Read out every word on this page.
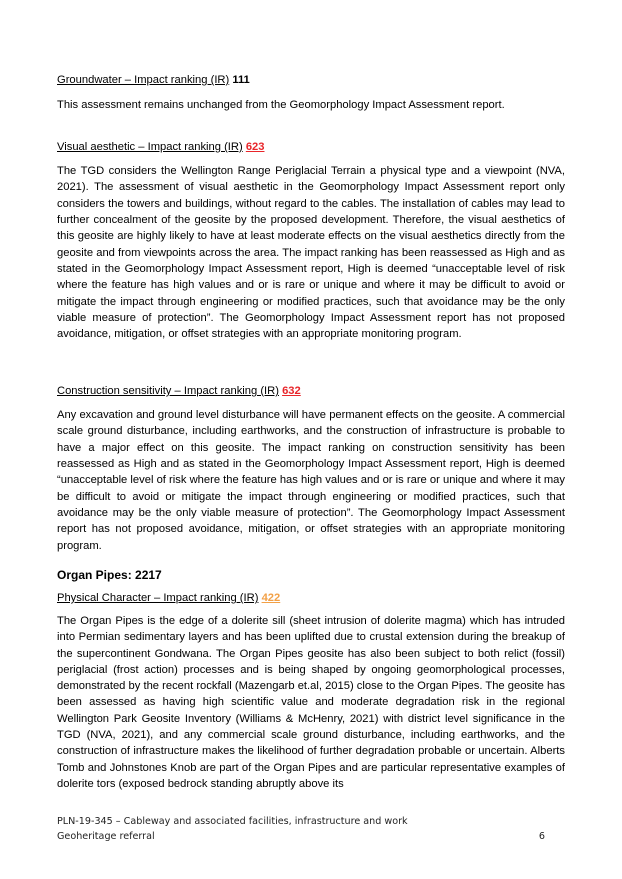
Groundwater – Impact ranking (IR) 111
This assessment remains unchanged from the Geomorphology Impact Assessment report.
Visual aesthetic – Impact ranking (IR) 623
The TGD considers the Wellington Range Periglacial Terrain a physical type and a viewpoint (NVA, 2021). The assessment of visual aesthetic in the Geomorphology Impact Assessment report only considers the towers and buildings, without regard to the cables. The installation of cables may lead to further concealment of the geosite by the proposed development. Therefore, the visual aesthetics of this geosite are highly likely to have at least moderate effects on the visual aesthetics directly from the geosite and from viewpoints across the area. The impact ranking has been reassessed as High and as stated in the Geomorphology Impact Assessment report, High is deemed “unacceptable level of risk where the feature has high values and or is rare or unique and where it may be difficult to avoid or mitigate the impact through engineering or modified practices, such that avoidance may be the only viable measure of protection”. The Geomorphology Impact Assessment report has not proposed avoidance, mitigation, or offset strategies with an appropriate monitoring program.
Construction sensitivity – Impact ranking (IR) 632
Any excavation and ground level disturbance will have permanent effects on the geosite. A commercial scale ground disturbance, including earthworks, and the construction of infrastructure is probable to have a major effect on this geosite. The impact ranking on construction sensitivity has been reassessed as High and as stated in the Geomorphology Impact Assessment report, High is deemed “unacceptable level of risk where the feature has high values and or is rare or unique and where it may be difficult to avoid or mitigate the impact through engineering or modified practices, such that avoidance may be the only viable measure of protection”. The Geomorphology Impact Assessment report has not proposed avoidance, mitigation, or offset strategies with an appropriate monitoring program.
Organ Pipes: 2217
Physical Character – Impact ranking (IR) 422
The Organ Pipes is the edge of a dolerite sill (sheet intrusion of dolerite magma) which has intruded into Permian sedimentary layers and has been uplifted due to crustal extension during the breakup of the supercontinent Gondwana. The Organ Pipes geosite has also been subject to both relict (fossil) periglacial (frost action) processes and is being shaped by ongoing geomorphological processes, demonstrated by the recent rockfall (Mazengarb et.al, 2015) close to the Organ Pipes. The geosite has been assessed as having high scientific value and moderate degradation risk in the regional Wellington Park Geosite Inventory (Williams & McHenry, 2021) with district level significance in the TGD (NVA, 2021), and any commercial scale ground disturbance, including earthworks, and the construction of infrastructure makes the likelihood of further degradation probable or uncertain. Alberts Tomb and Johnstones Knob are part of the Organ Pipes and are particular representative examples of dolerite tors (exposed bedrock standing abruptly above its
PLN-19-345 – Cableway and associated facilities, infrastructure and work
Geoheritage referral	6
